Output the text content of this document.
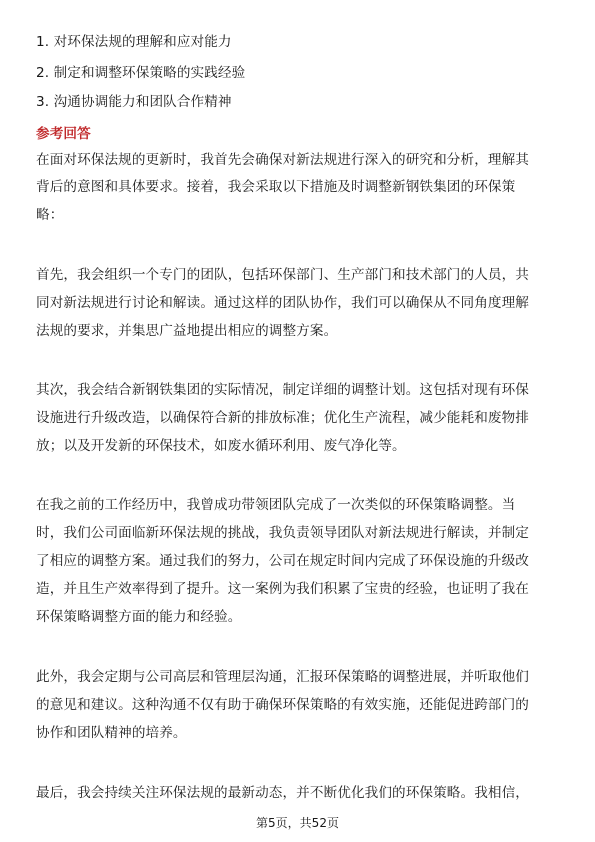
1. 对环保法规的理解和应对能力
2. 制定和调整环保策略的实践经验
3. 沟通协调能力和团队合作精神
参考回答
在面对环保法规的更新时，我首先会确保对新法规进行深入的研究和分析，理解其
背后的意图和具体要求。接着，我会采取以下措施及时调整新钢铁集团的环保策
略：
首先，我会组织一个专门的团队，包括环保部门、生产部门和技术部门的人员，共
同对新法规进行讨论和解读。通过这样的团队协作，我们可以确保从不同角度理解
法规的要求，并集思广益地提出相应的调整方案。
其次，我会结合新钢铁集团的实际情况，制定详细的调整计划。这包括对现有环保
设施进行升级改造，以确保符合新的排放标准；优化生产流程，减少能耗和废物排
放；以及开发新的环保技术，如废水循环利用、废气净化等。
在我之前的工作经历中，我曾成功带领团队完成了一次类似的环保策略调整。当
时，我们公司面临新环保法规的挑战，我负责领导团队对新法规进行解读，并制定
了相应的调整方案。通过我们的努力，公司在规定时间内完成了环保设施的升级改
造，并且生产效率得到了提升。这一案例为我们积累了宝贵的经验，也证明了我在
环保策略调整方面的能力和经验。
此外，我会定期与公司高层和管理层沟通，汇报环保策略的调整进展，并听取他们
的意见和建议。这种沟通不仅有助于确保环保策略的有效实施，还能促进跨部门的
协作和团队精神的培养。
最后，我会持续关注环保法规的最新动态，并不断优化我们的环保策略。我相信，
第5页，共52页
